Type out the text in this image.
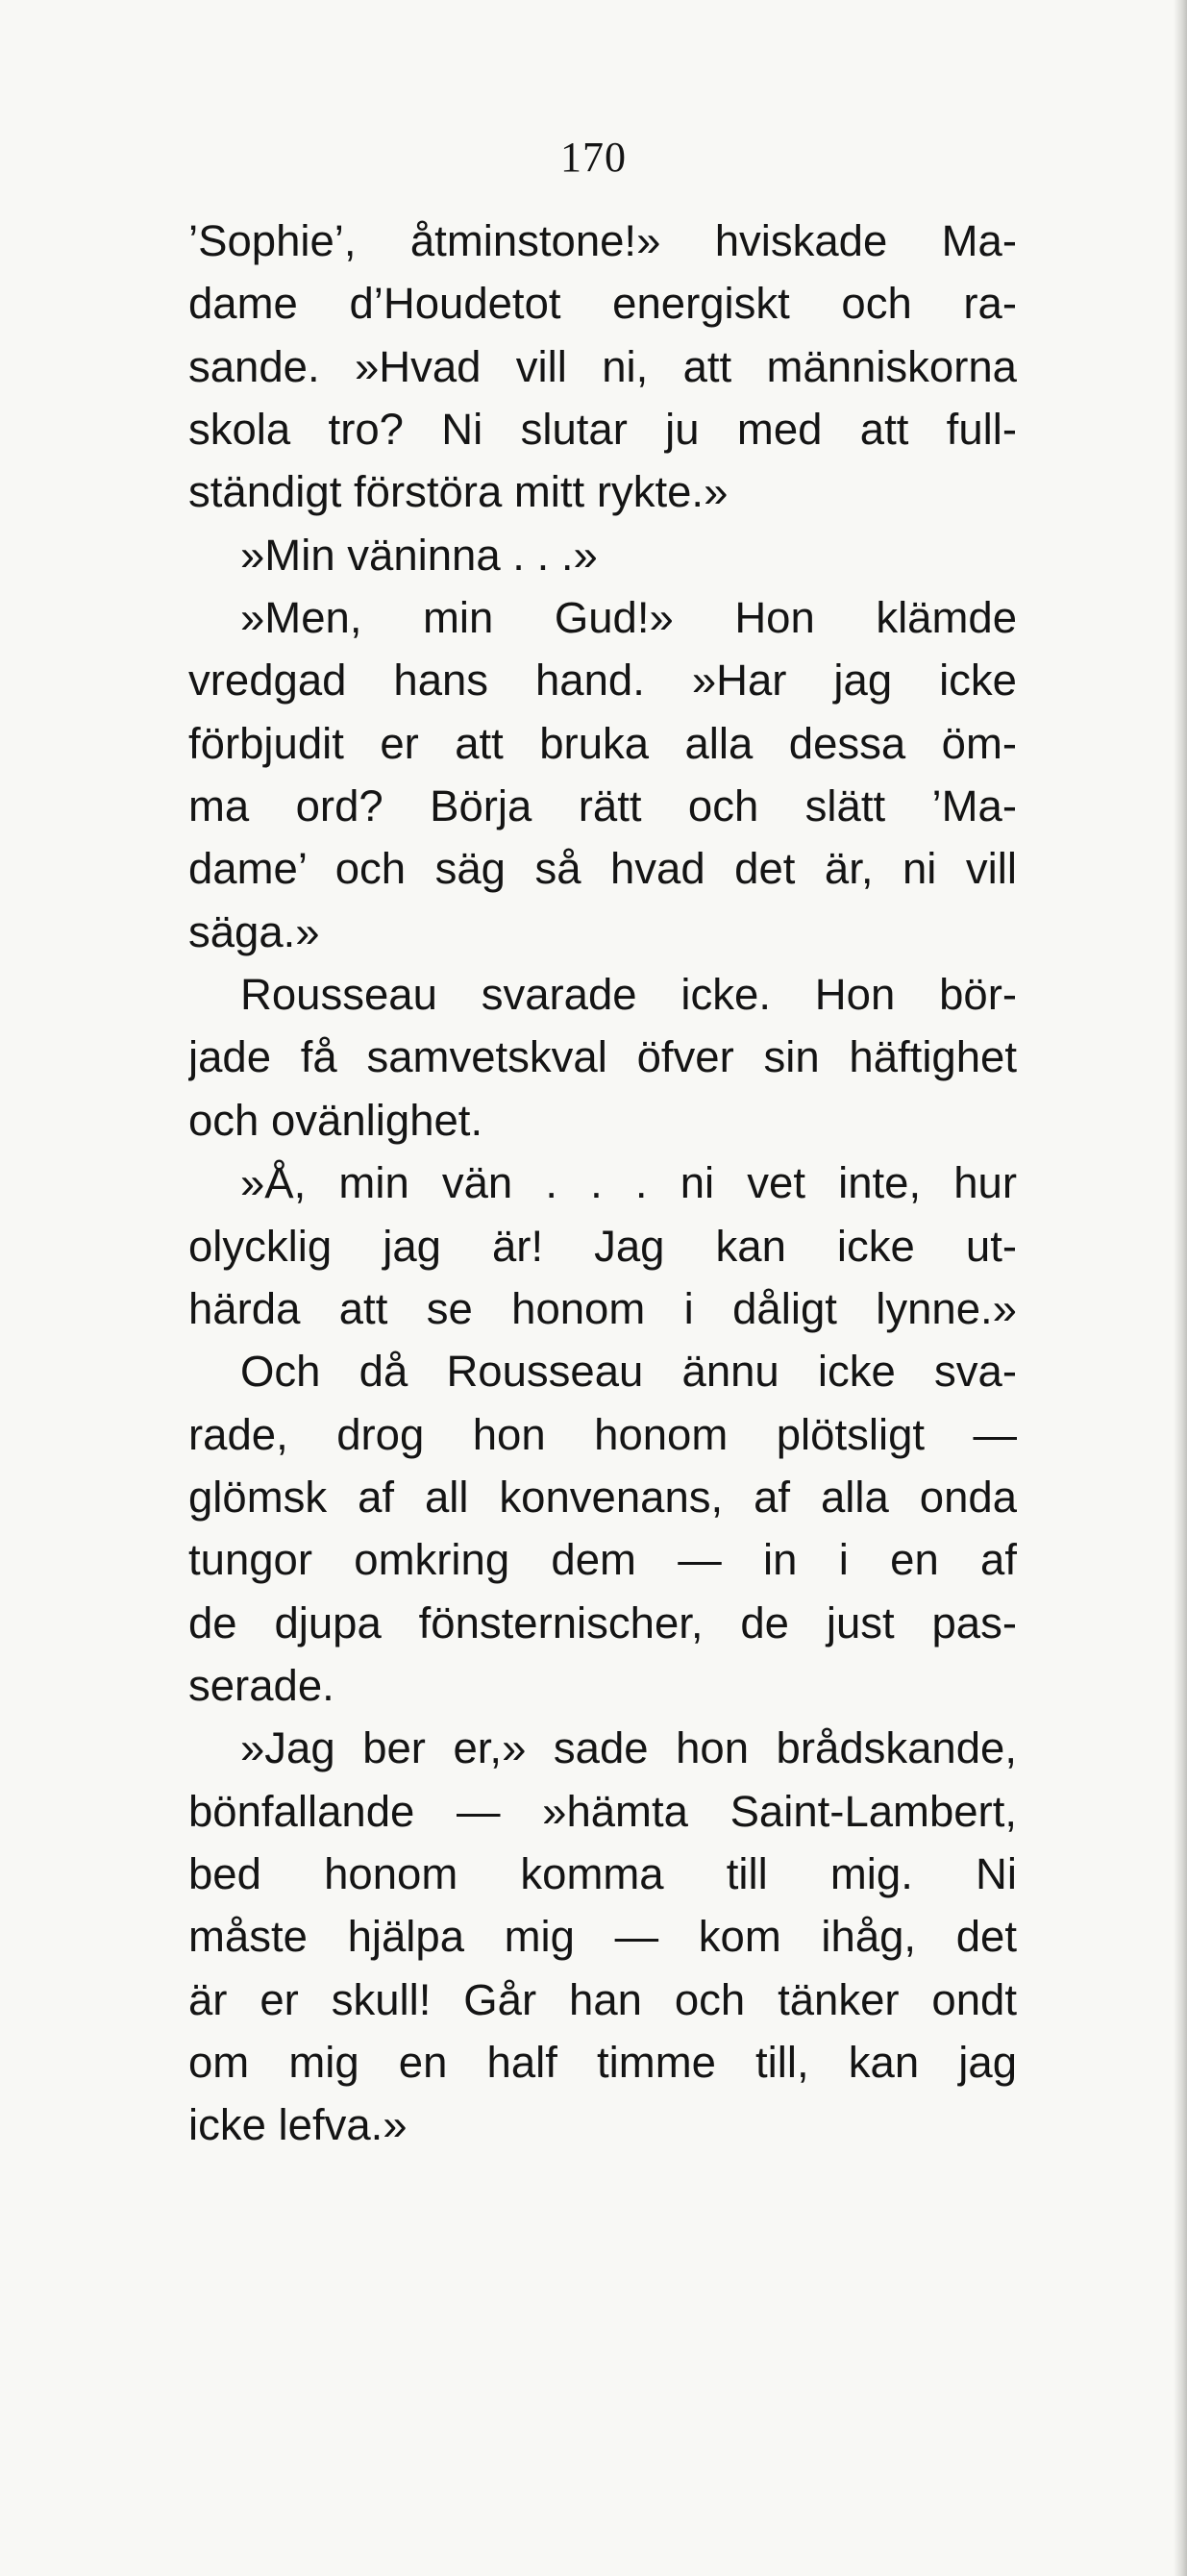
170
’Sophie’, åtminstone!» hviskade Ma-
dame d’Houdetot energiskt och ra-
sande. »Hvad vill ni, att människorna
skola tro? Ni slutar ju med att full-
ständigt förstöra mitt rykte.»
»Min väninna . . .»
»Men, min Gud!» Hon klämde
vredgad hans hand. »Har jag icke
förbjudit er att bruka alla dessa öm-
ma ord? Börja rätt och slätt ’Ma-
dame’ och säg så hvad det är, ni vill
säga.»
Rousseau svarade icke. Hon bör-
jade få samvetskval öfver sin häftighet
och ovänlighet.
»Å, min vän . . . ni vet inte, hur
olycklig jag är! Jag kan icke ut-
härda att se honom i dåligt lynne.»
Och då Rousseau ännu icke sva-
rade, drog hon honom plötsligt —
glömsk af all konvenans, af alla onda
tungor omkring dem — in i en af
de djupa fönsternischer, de just pas-
serade.
»Jag ber er,» sade hon brådskande,
bönfallande — »hämta Saint-Lambert,
bed honom komma till mig. Ni
måste hjälpa mig — kom ihåg, det
är er skull! Går han och tänker ondt
om mig en half timme till, kan jag
icke lefva.»
